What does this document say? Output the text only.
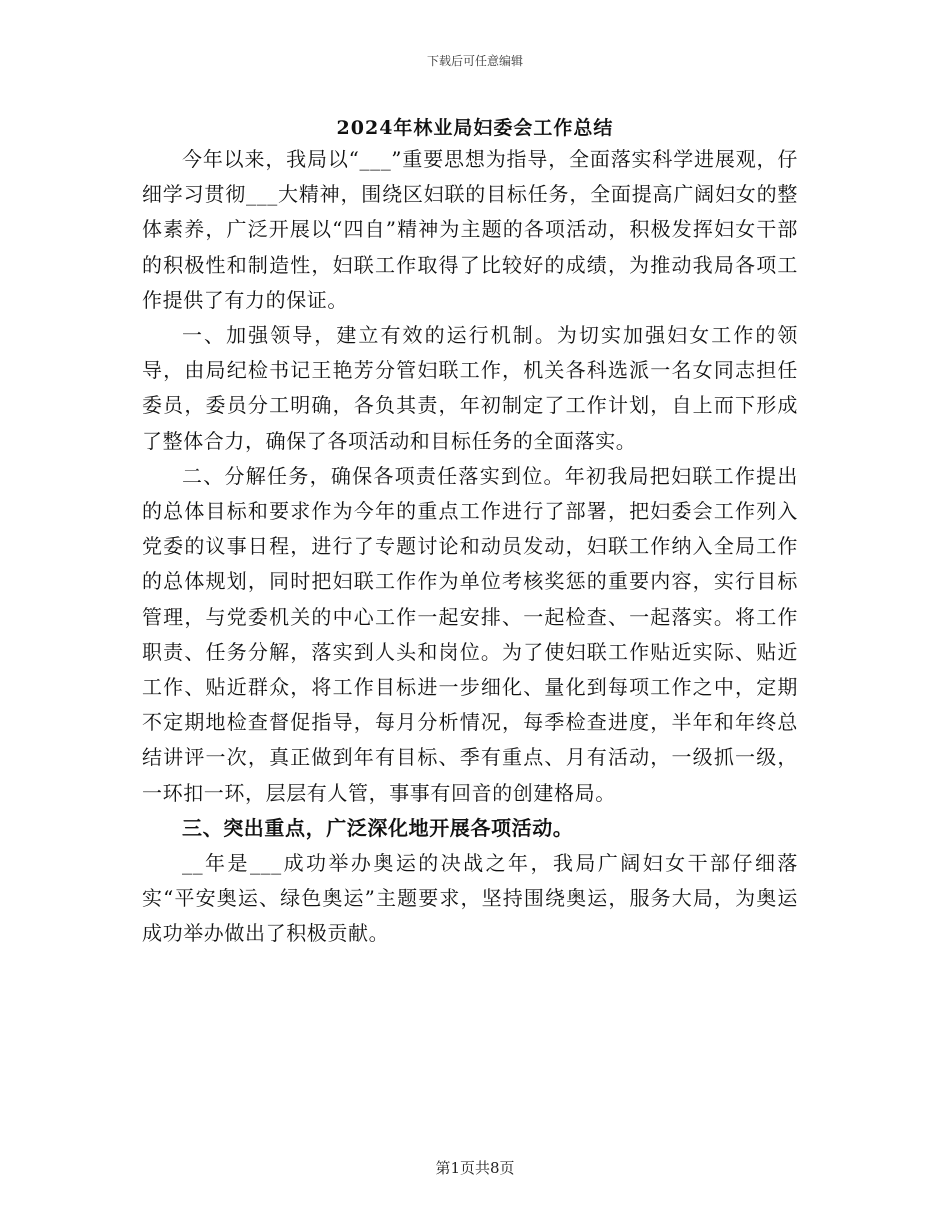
下载后可任意编辑
2024年林业局妇委会工作总结

今年以来，我局以“___”重要思想为指导，全面落实科学进展观，仔细学习贯彻___大精神，围绕区妇联的目标任务，全面提高广阔妇女的整体素养，广泛开展以“四自”精神为主题的各项活动，积极发挥妇女干部的积极性和制造性，妇联工作取得了比较好的成绩，为推动我局各项工作提供了有力的保证。

一、加强领导，建立有效的运行机制。为切实加强妇女工作的领导，由局纪检书记王艳芳分管妇联工作，机关各科选派一名女同志担任委员，委员分工明确，各负其责，年初制定了工作计划，自上而下形成了整体合力，确保了各项活动和目标任务的全面落实。

二、分解任务，确保各项责任落实到位。年初我局把妇联工作提出的总体目标和要求作为今年的重点工作进行了部署，把妇委会工作列入党委的议事日程，进行了专题讨论和动员发动，妇联工作纳入全局工作的总体规划，同时把妇联工作作为单位考核奖惩的重要内容，实行目标管理，与党委机关的中心工作一起安排、一起检查、一起落实。将工作职责、任务分解，落实到人头和岗位。为了使妇联工作贴近实际、贴近工作、贴近群众，将工作目标进一步细化、量化到每项工作之中，定期不定期地检查督促指导，每月分析情况，每季检查进度，半年和年终总结讲评一次，真正做到年有目标、季有重点、月有活动，一级抓一级，一环扣一环，层层有人管，事事有回音的创建格局。

三、突出重点，广泛深化地开展各项活动。

__年是___成功举办奥运的决战之年，我局广阔妇女干部仔细落实“平安奥运、绿色奥运”主题要求，坚持围绕奥运，服务大局，为奥运成功举办做出了积极贡献。

第1页共8页
